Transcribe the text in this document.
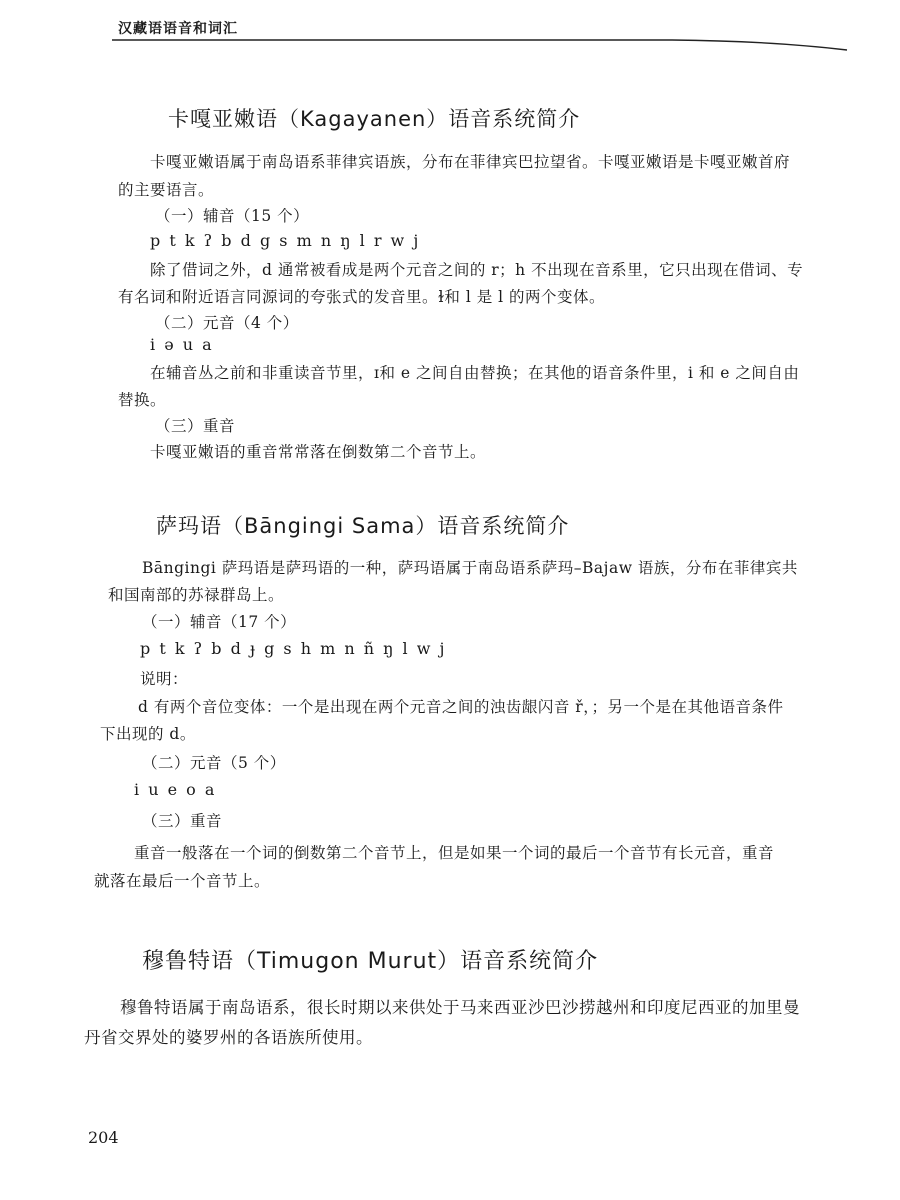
汉藏语语音和词汇
卡嘎亚嫩语（Kagayanen）语音系统简介
卡嘎亚嫩语属于南岛语系菲律宾语族，分布在菲律宾巴拉望省。卡嘎亚嫩语是卡嘎亚嫩首府
的主要语言。
（一）辅音（15 个）
p t k ʔ b d g s m n ŋ l r w j
除了借词之外，d 通常被看成是两个元音之间的 r；h 不出现在音系里，它只出现在借词、专
有名词和附近语言同源词的夸张式的发音里。ɫ和 l 是 l 的两个变体。
（二）元音（4 个）
i ə u a
在辅音丛之前和非重读音节里，ɪ和 e 之间自由替换；在其他的语音条件里，i 和 e 之间自由
替换。
（三）重音
卡嘎亚嫩语的重音常常落在倒数第二个音节上。
萨玛语（Bāngingi Sama）语音系统简介
Bāngingi 萨玛语是萨玛语的一种，萨玛语属于南岛语系萨玛–Bajaw 语族，分布在菲律宾共
和国南部的苏禄群岛上。
（一）辅音（17 个）
p t k ʔ b d ɟ g s h m n ñ ŋ l w j
说明：
d 有两个音位变体：一个是出现在两个元音之间的浊齿龈闪音 ř，；另一个是在其他语音条件
下出现的 d。
（二）元音（5 个）
i u e o a
（三）重音
重音一般落在一个词的倒数第二个音节上，但是如果一个词的最后一个音节有长元音，重音
就落在最后一个音节上。
穆鲁特语（Timugon Murut）语音系统简介
穆鲁特语属于南岛语系，很长时期以来供处于马来西亚沙巴沙捞越州和印度尼西亚的加里曼
丹省交界处的婆罗州的各语族所使用。
204
